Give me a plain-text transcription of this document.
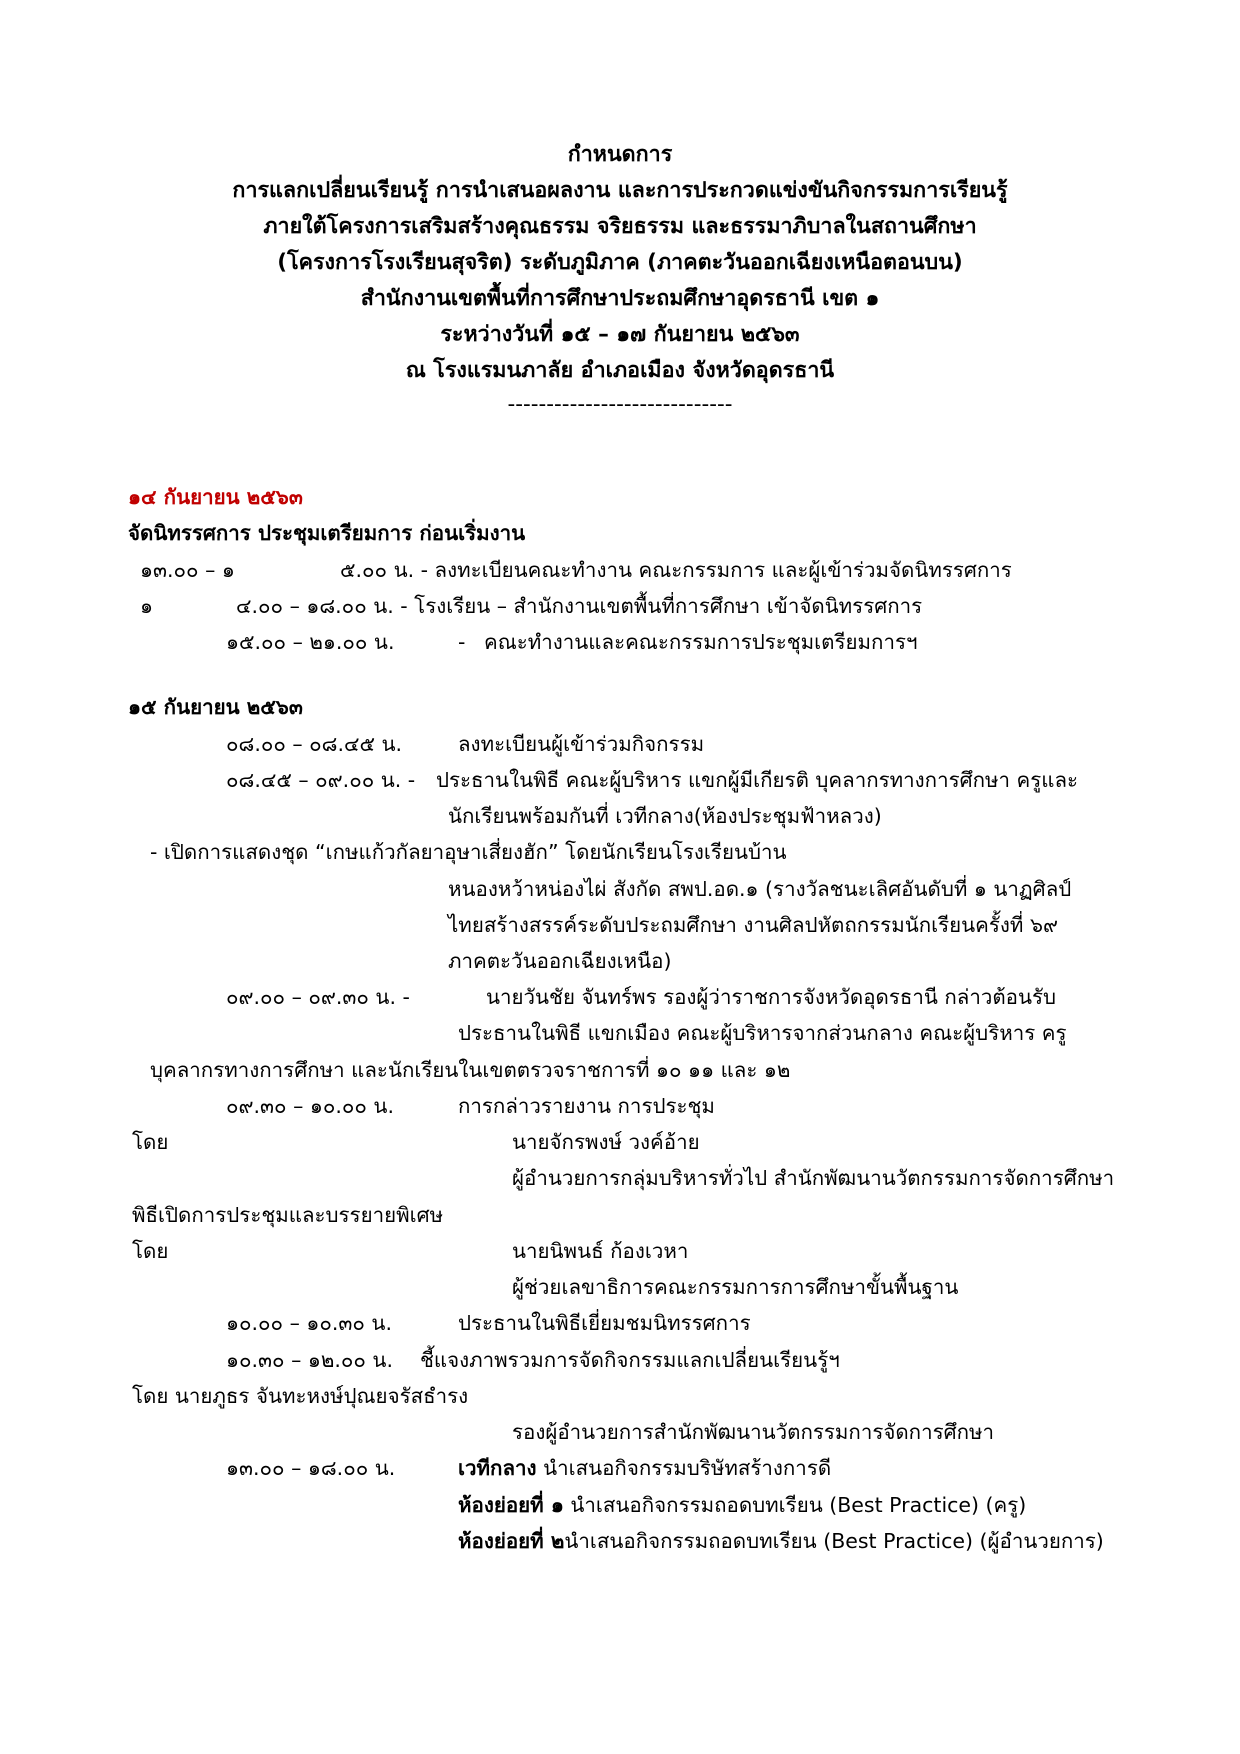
กำหนดการ
การแลกเปลี่ยนเรียนรู้ การนำเสนอผลงาน และการประกวดแข่งขันกิจกรรมการเรียนรู้
ภายใต้โครงการเสริมสร้างคุณธรรม จริยธรรม และธรรมาภิบาลในสถานศึกษา
(โครงการโรงเรียนสุจริต) ระดับภูมิภาค (ภาคตะวันออกเฉียงเหนือตอนบน)
สำนักงานเขตพื้นที่การศึกษาประถมศึกษาอุดรธานี เขต ๑
ระหว่างวันที่ ๑๕ – ๑๗ กันยายน ๒๕๖๓
ณ โรงแรมนภาลัย อำเภอเมือง จังหวัดอุดรธานี
-----------------------------
๑๔ กันยายน ๒๕๖๓
จัดนิทรรศการ ประชุมเตรียมการ ก่อนเริ่มงาน
๑๓.๐๐ – ๑	๕.๐๐ น. - ลงทะเบียนคณะทำงาน คณะกรรมการ และผู้เข้าร่วมจัดนิทรรศการ
๑	๔.๐๐ – ๑๘.๐๐ น. - โรงเรียน – สำนักงานเขตพื้นที่การศึกษา เข้าจัดนิทรรศการ
๑๕.๐๐ – ๒๑.๐๐ น.	- คณะทำงานและคณะกรรมการประชุมเตรียมการฯ
๑๕ กันยายน ๒๕๖๓
๐๘.๐๐ – ๐๘.๔๕ น.	ลงทะเบียนผู้เข้าร่วมกิจกรรม
๐๘.๔๕ – ๐๙.๐๐ น. - ประธานในพิธี คณะผู้บริหาร แขกผู้มีเกียรติ บุคลากรทางการศึกษา ครูและ
นักเรียนพร้อมกันที่ เวทีกลาง(ห้องประชุมฟ้าหลวง)
- เปิดการแสดงชุด “เกษแก้วกัลยาอุษาเสี่ยงฮัก” โดยนักเรียนโรงเรียนบ้าน
หนองหว้าหน่องไผ่ สังกัด สพป.อด.๑ (รางวัลชนะเลิศอันดับที่ ๑ นาฏศิลป์
ไทยสร้างสรรค์ระดับประถมศึกษา งานศิลปหัตถกรรมนักเรียนครั้งที่ ๖๙
ภาคตะวันออกเฉียงเหนือ)
๐๙.๐๐ – ๐๙.๓๐ น. -	นายวันชัย จันทร์พร รองผู้ว่าราชการจังหวัดอุดรธานี กล่าวต้อนรับ
ประธานในพิธี แขกเมือง คณะผู้บริหารจากส่วนกลาง คณะผู้บริหาร ครู
บุคลากรทางการศึกษา และนักเรียนในเขตตรวจราชการที่ ๑๐ ๑๑ และ ๑๒
๐๙.๓๐ – ๑๐.๐๐ น.	การกล่าวรายงาน การประชุม
โดย	นายจักรพงษ์ วงค์อ้าย
ผู้อำนวยการกลุ่มบริหารทั่วไป สำนักพัฒนานวัตกรรมการจัดการศึกษา
พิธีเปิดการประชุมและบรรยายพิเศษ
โดย	นายนิพนธ์ ก้องเวหา
ผู้ช่วยเลขาธิการคณะกรรมการการศึกษาขั้นพื้นฐาน
๑๐.๐๐ – ๑๐.๓๐ น.	ประธานในพิธีเยี่ยมชมนิทรรศการ
๑๐.๓๐ – ๑๒.๐๐ น. ชี้แจงภาพรวมการจัดกิจกรรมแลกเปลี่ยนเรียนรู้ฯ
โดย นายภูธร จันทะหงษ์ปุณยจรัสธำรง
รองผู้อำนวยการสำนักพัฒนานวัตกรรมการจัดการศึกษา
๑๓.๐๐ – ๑๘.๐๐ น.	เวทีกลาง นำเสนอกิจกรรมบริษัทสร้างการดี
ห้องย่อยที่ ๑ นำเสนอกิจกรรมถอดบทเรียน (Best Practice) (ครู)
ห้องย่อยที่ ๒นำเสนอกิจกรรมถอดบทเรียน (Best Practice) (ผู้อำนวยการ)
